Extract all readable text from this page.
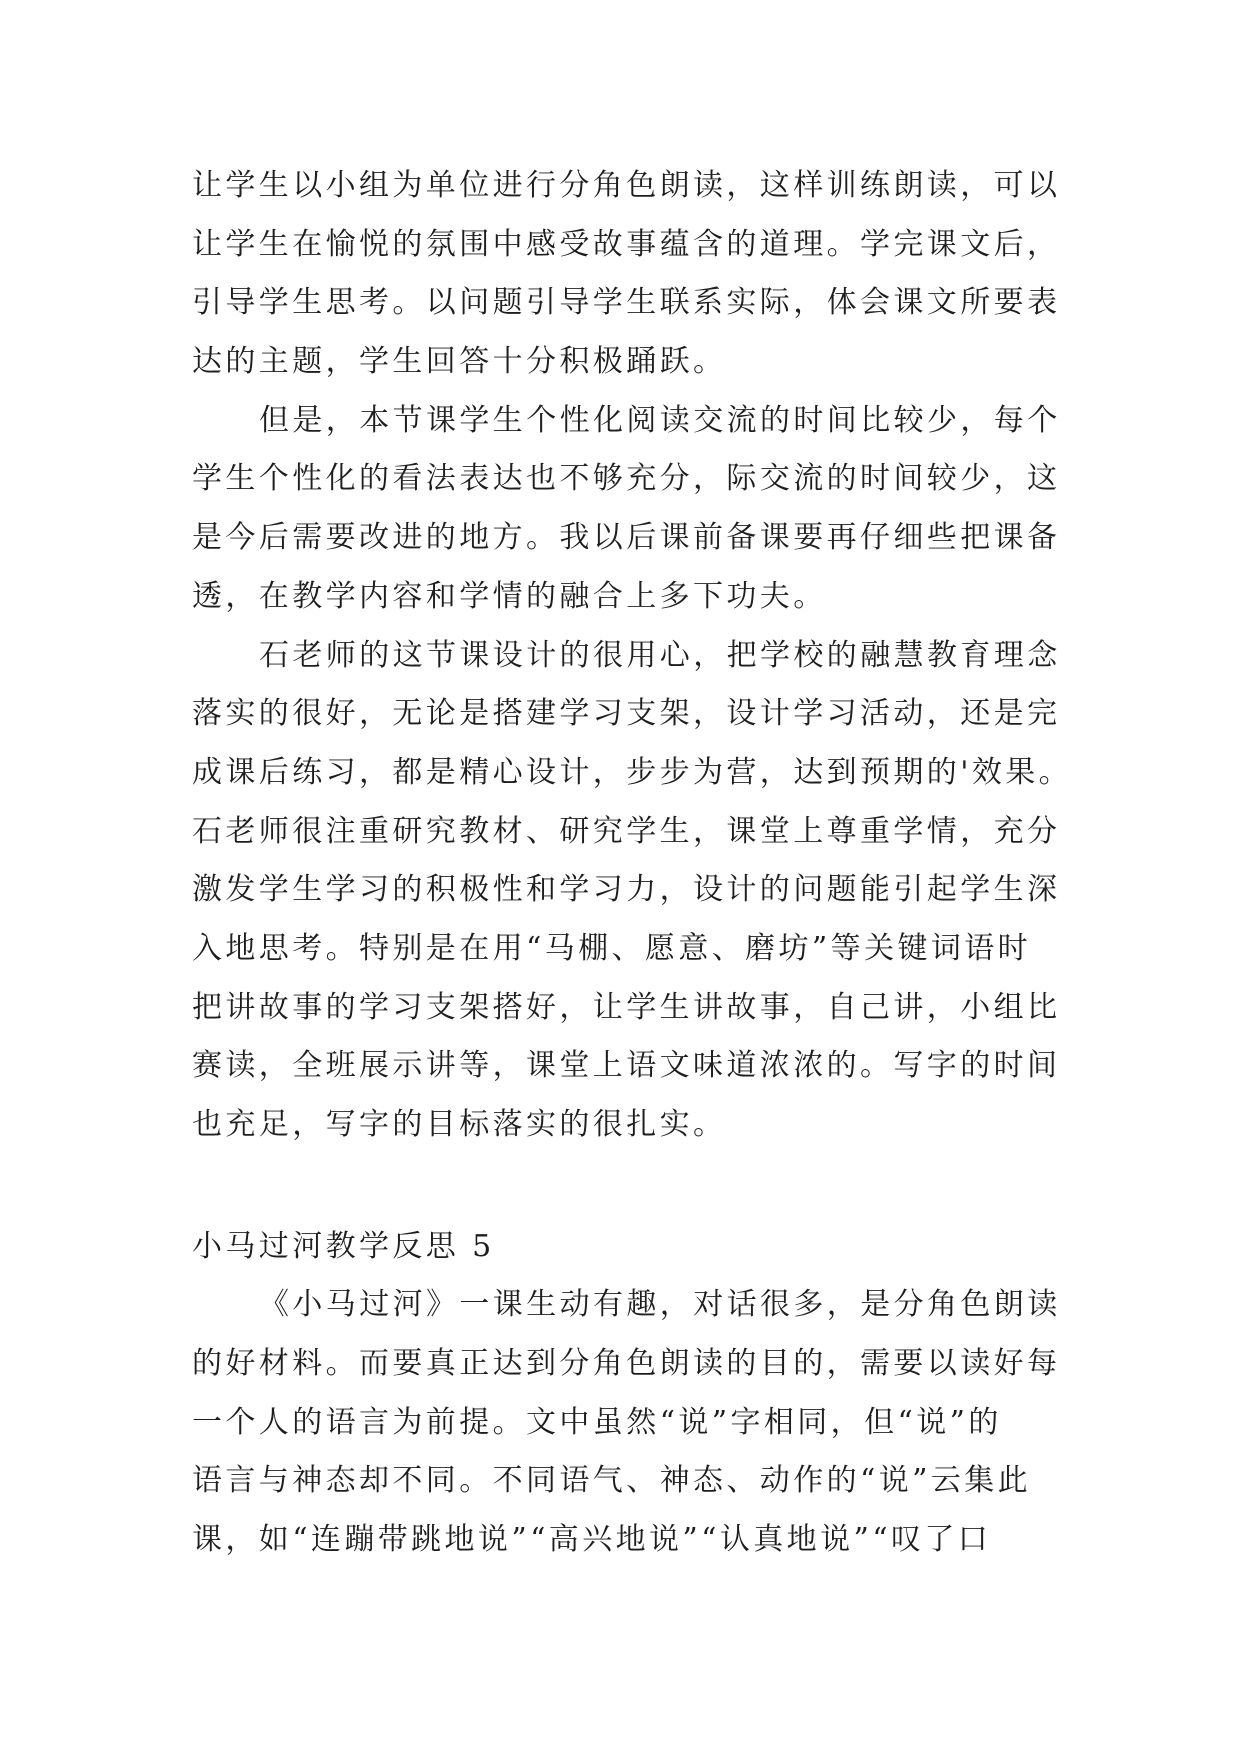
让学生以小组为单位进行分角色朗读，这样训练朗读，可以
让学生在愉悦的氛围中感受故事蕴含的道理。学完课文后，
引导学生思考。以问题引导学生联系实际，体会课文所要表
达的主题，学生回答十分积极踊跃。
但是，本节课学生个性化阅读交流的时间比较少，每个
学生个性化的看法表达也不够充分，际交流的时间较少，这
是今后需要改进的地方。我以后课前备课要再仔细些把课备
透，在教学内容和学情的融合上多下功夫。
石老师的这节课设计的很用心，把学校的融慧教育理念
落实的很好，无论是搭建学习支架，设计学习活动，还是完
成课后练习，都是精心设计，步步为营，达到预期的'效果。
石老师很注重研究教材、研究学生，课堂上尊重学情，充分
激发学生学习的积极性和学习力，设计的问题能引起学生深
入地思考。特别是在用“马棚、愿意、磨坊”等关键词语时
把讲故事的学习支架搭好，让学生讲故事，自己讲，小组比
赛读，全班展示讲等，课堂上语文味道浓浓的。写字的时间
也充足，写字的目标落实的很扎实。
小马过河教学反思 5
《小马过河》一课生动有趣，对话很多，是分角色朗读
的好材料。而要真正达到分角色朗读的目的，需要以读好每
一个人的语言为前提。文中虽然“说”字相同，但“说”的
语言与神态却不同。不同语气、神态、动作的“说”云集此
课，如“连蹦带跳地说”“高兴地说”“认真地说”“叹了口
